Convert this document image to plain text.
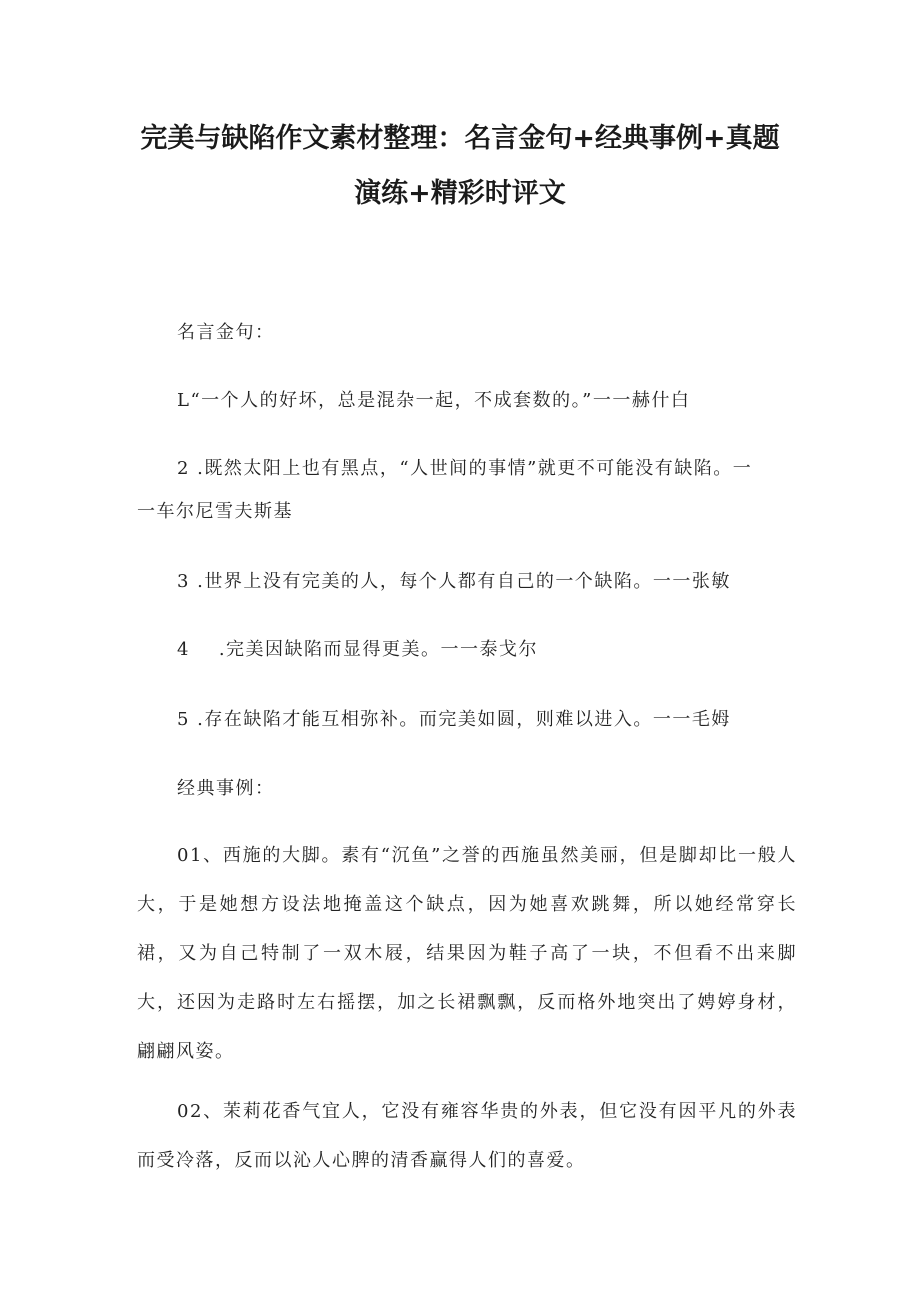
完美与缺陷作文素材整理：名言金句+经典事例+真题
演练+精彩时评文

名言金句：

L“一个人的好坏，总是混杂一起，不成套数的。”一一赫什白

2 .既然太阳上也有黑点，“人世间的事情”就更不可能没有缺陷。一

一车尔尼雪夫斯基

3 .世界上没有完美的人，每个人都有自己的一个缺陷。一一张敏

4    .完美因缺陷而显得更美。一一泰戈尔

5 .存在缺陷才能互相弥补。而完美如圆，则难以进入。一一毛姆

经典事例：

01、西施的大脚。素有“沉鱼”之誉的西施虽然美丽，但是脚却比一般人大，于是她想方设法地掩盖这个缺点，因为她喜欢跳舞，所以她经常穿长裙，又为自己特制了一双木屐，结果因为鞋子高了一块，不但看不出来脚大，还因为走路时左右摇摆，加之长裙飘飘，反而格外地突出了娉婷身材，翩翩风姿。

02、茉莉花香气宜人，它没有雍容华贵的外表，但它没有因平凡的外表而受冷落，反而以沁人心脾的清香赢得人们的喜爱。
